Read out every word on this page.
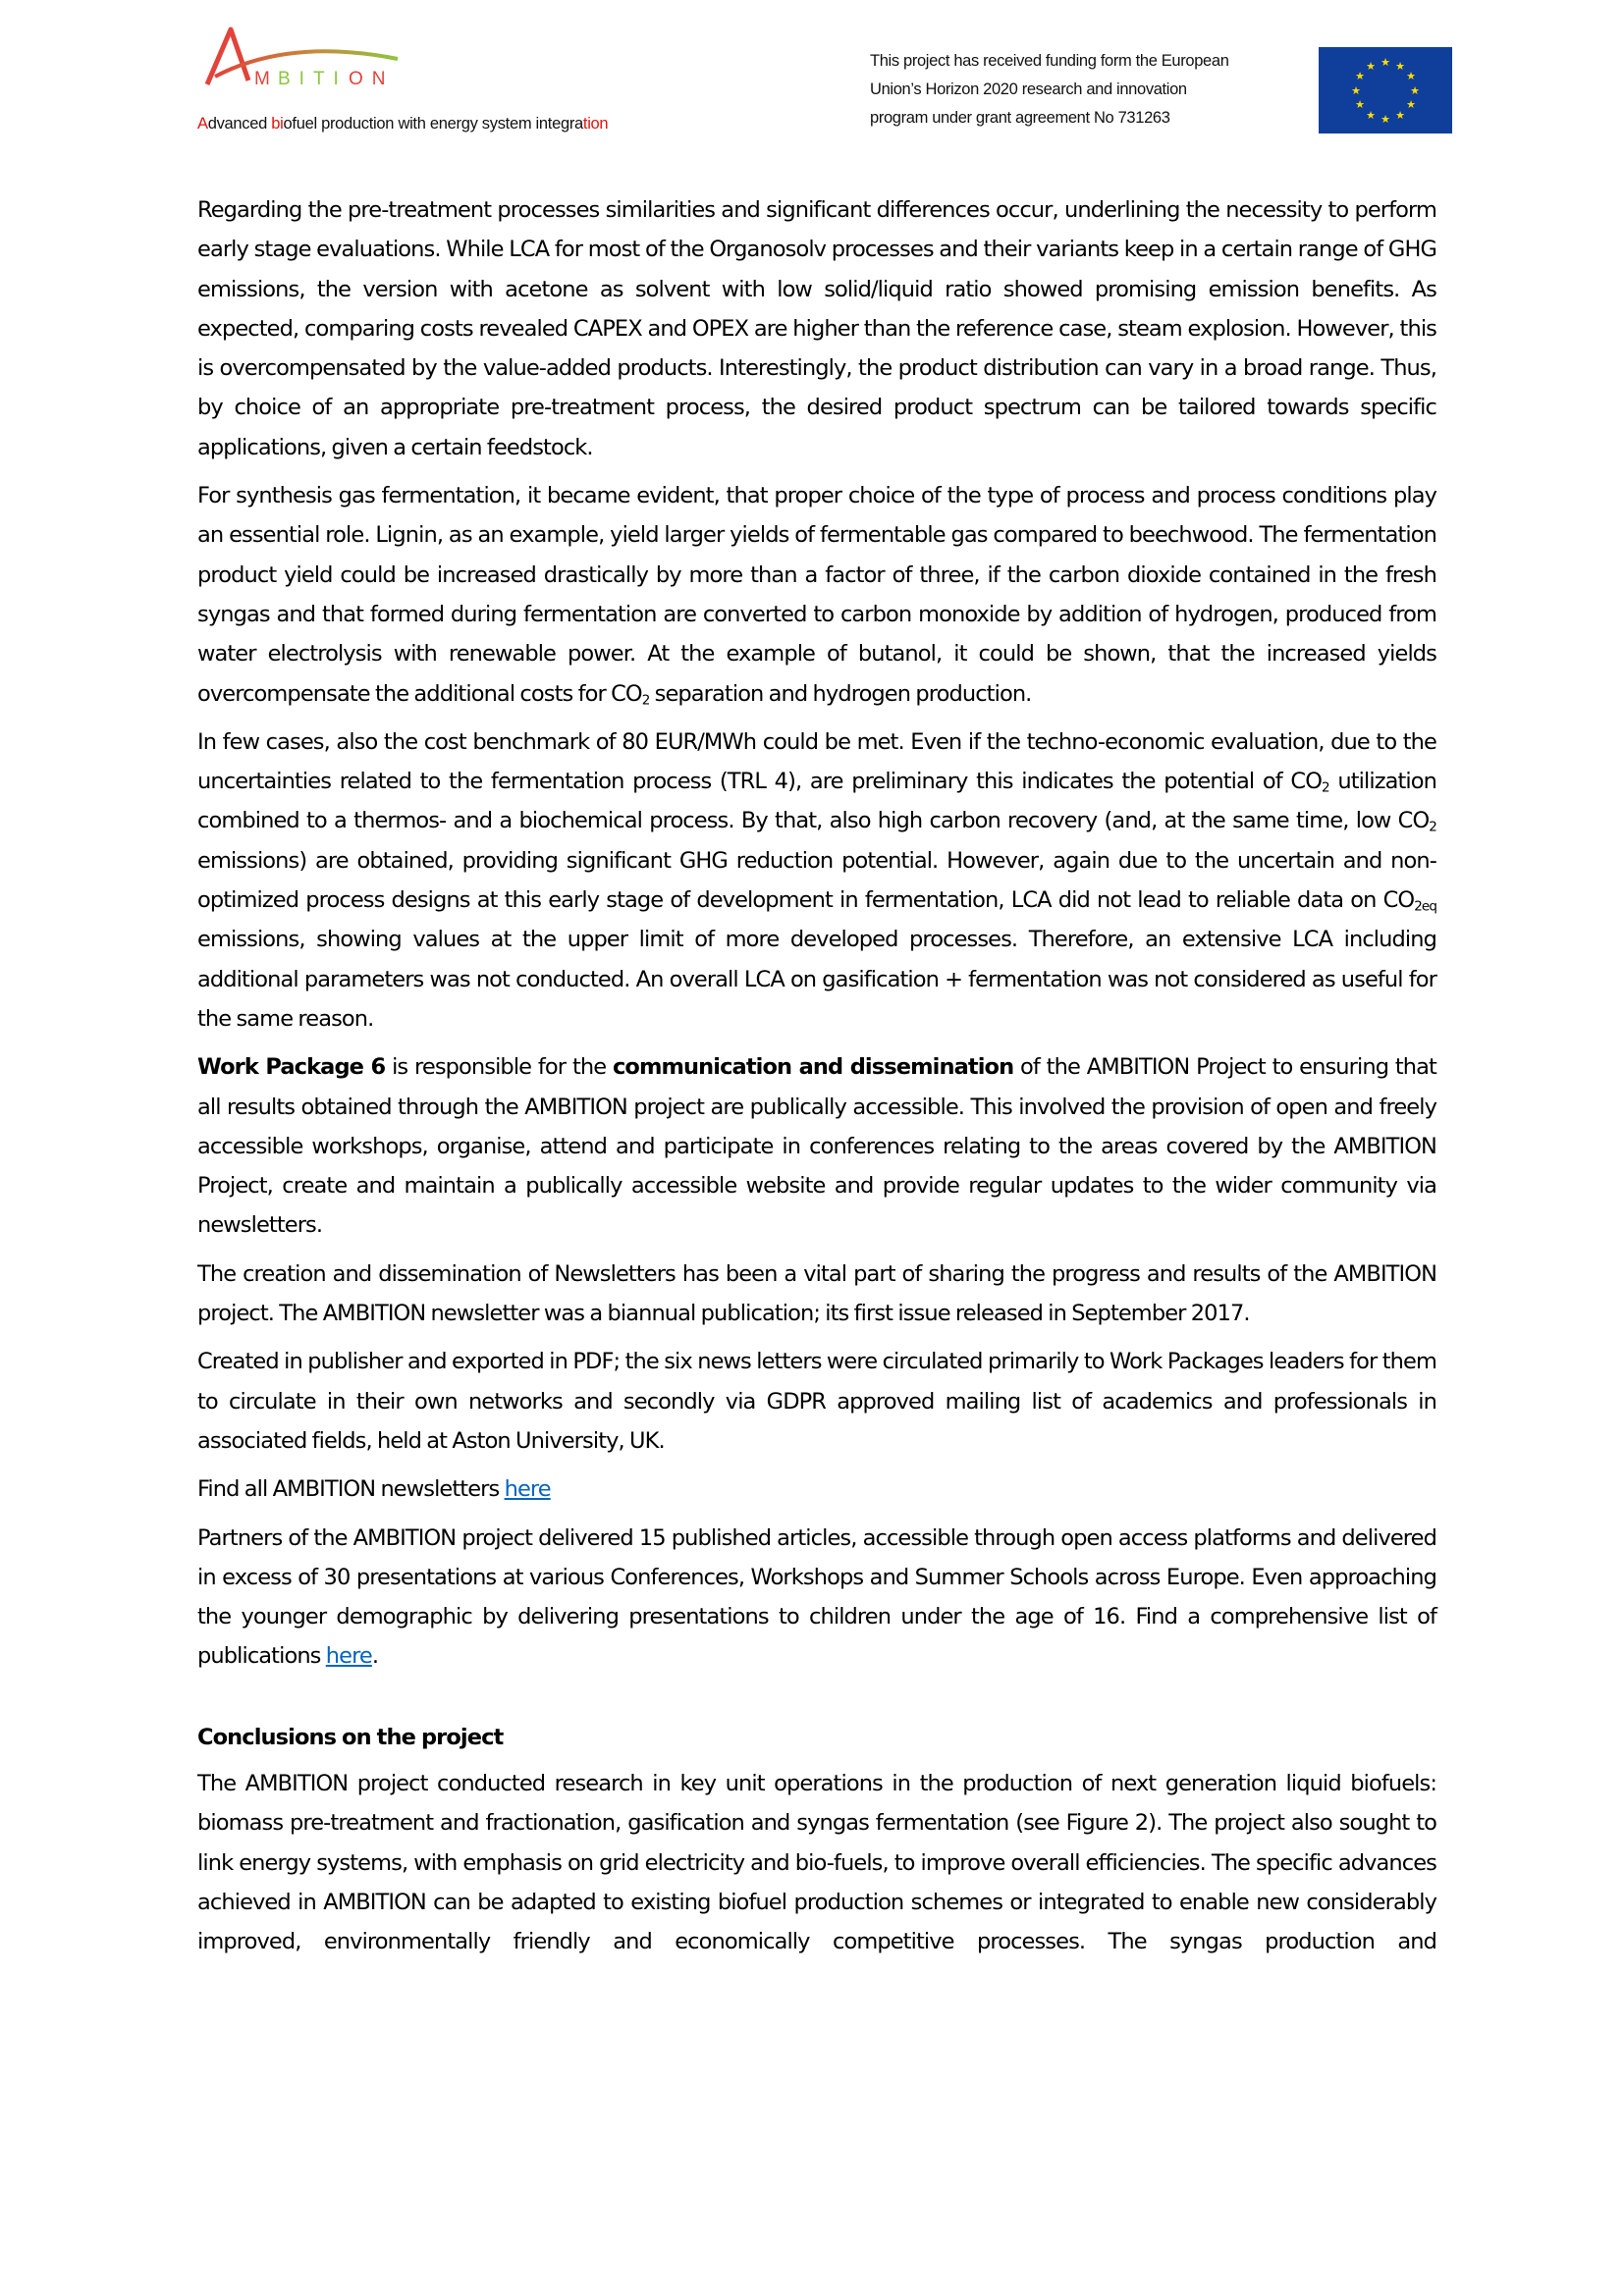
M BITI ON
Advanced biofuel production with energy system integration
This project has received funding form the European
Union’s Horizon 2020 research and innovation
program under grant agreement No 731263
★ ★
★
★
★
★
★
★
★
★
★
★

Regarding the pre-treatment processes similarities and significant differences occur, underlining the necessity to perform early stage evaluations. While LCA for most of the Organosolv processes and their variants keep in a certain range of GHG emissions, the version with acetone as solvent with low solid/liquid ratio showed promising emission benefits. As expected, comparing costs revealed CAPEX and OPEX are higher than the reference case, steam explosion. However, this is overcompensated by the value-added products. Interestingly, the product distribution can vary in a broad range. Thus, by choice of an appropriate pre-treatment process, the desired product spectrum can be tailored towards specific applications, given a certain feedstock.

For synthesis gas fermentation, it became evident, that proper choice of the type of process and process conditions play an essential role. Lignin, as an example, yield larger yields of fermentable gas compared to beechwood. The fermentation product yield could be increased drastically by more than a factor of three, if the carbon dioxide contained in the fresh syngas and that formed during fermentation are converted to carbon monoxide by addition of hydrogen, produced from water electrolysis with renewable power. At the example of butanol, it could be shown, that the increased yields overcompensate the additional costs for $CO_2$ separation and hydrogen production.

In few cases, also the cost benchmark of 80 EUR/MWh could be met. Even if the techno-economic evaluation, due to the uncertainties related to the fermentation process (TRL 4), are preliminary this indicates the potential of $CO_2$ utilization combined to a thermos- and a biochemical process. By that, also high carbon recovery (and, at the same time, low $CO_2$ emissions) are obtained, providing significant GHG reduction potential. However, again due to the uncertain and non-optimized process designs at this early stage of development in fermentation, LCA did not lead to reliable data on $CO_{2eq}$ emissions, showing values at the upper limit of more developed processes. Therefore, an extensive LCA including additional parameters was not conducted. An overall LCA on gasification + fermentation was not considered as useful for the same reason.

Work Package 6 is responsible for the communication and dissemination of the AMBITION Project to ensuring that all results obtained through the AMBITION project are publically accessible. This involved the provision of open and freely accessible workshops, organise, attend and participate in conferences relating to the areas covered by the AMBITION Project, create and maintain a publically accessible website and provide regular updates to the wider community via newsletters.

The creation and dissemination of Newsletters has been a vital part of sharing the progress and results of the AMBITION project. The AMBITION newsletter was a biannual publication; its first issue released in September 2017.

Created in publisher and exported in PDF; the six news letters were circulated primarily to Work Packages leaders for them to circulate in their own networks and secondly via GDPR approved mailing list of academics and professionals in associated fields, held at Aston University, UK.

Find all AMBITION newsletters here

Partners of the AMBITION project delivered 15 published articles, accessible through open access platforms and delivered in excess of 30 presentations at various Conferences, Workshops and Summer Schools across Europe. Even approaching the younger demographic by delivering presentations to children under the age of 16. Find a comprehensive list of publications here.

Conclusions on the project

The AMBITION project conducted research in key unit operations in the production of next generation liquid biofuels: biomass pre-treatment and fractionation, gasification and syngas fermentation (see Figure 2). The project also sought to link energy systems, with emphasis on grid electricity and bio-fuels, to improve overall efficiencies. The specific advances achieved in AMBITION can be adapted to existing biofuel production schemes or integrated to enable new considerably improved, environmentally friendly and economically competitive processes. The syngas production and
